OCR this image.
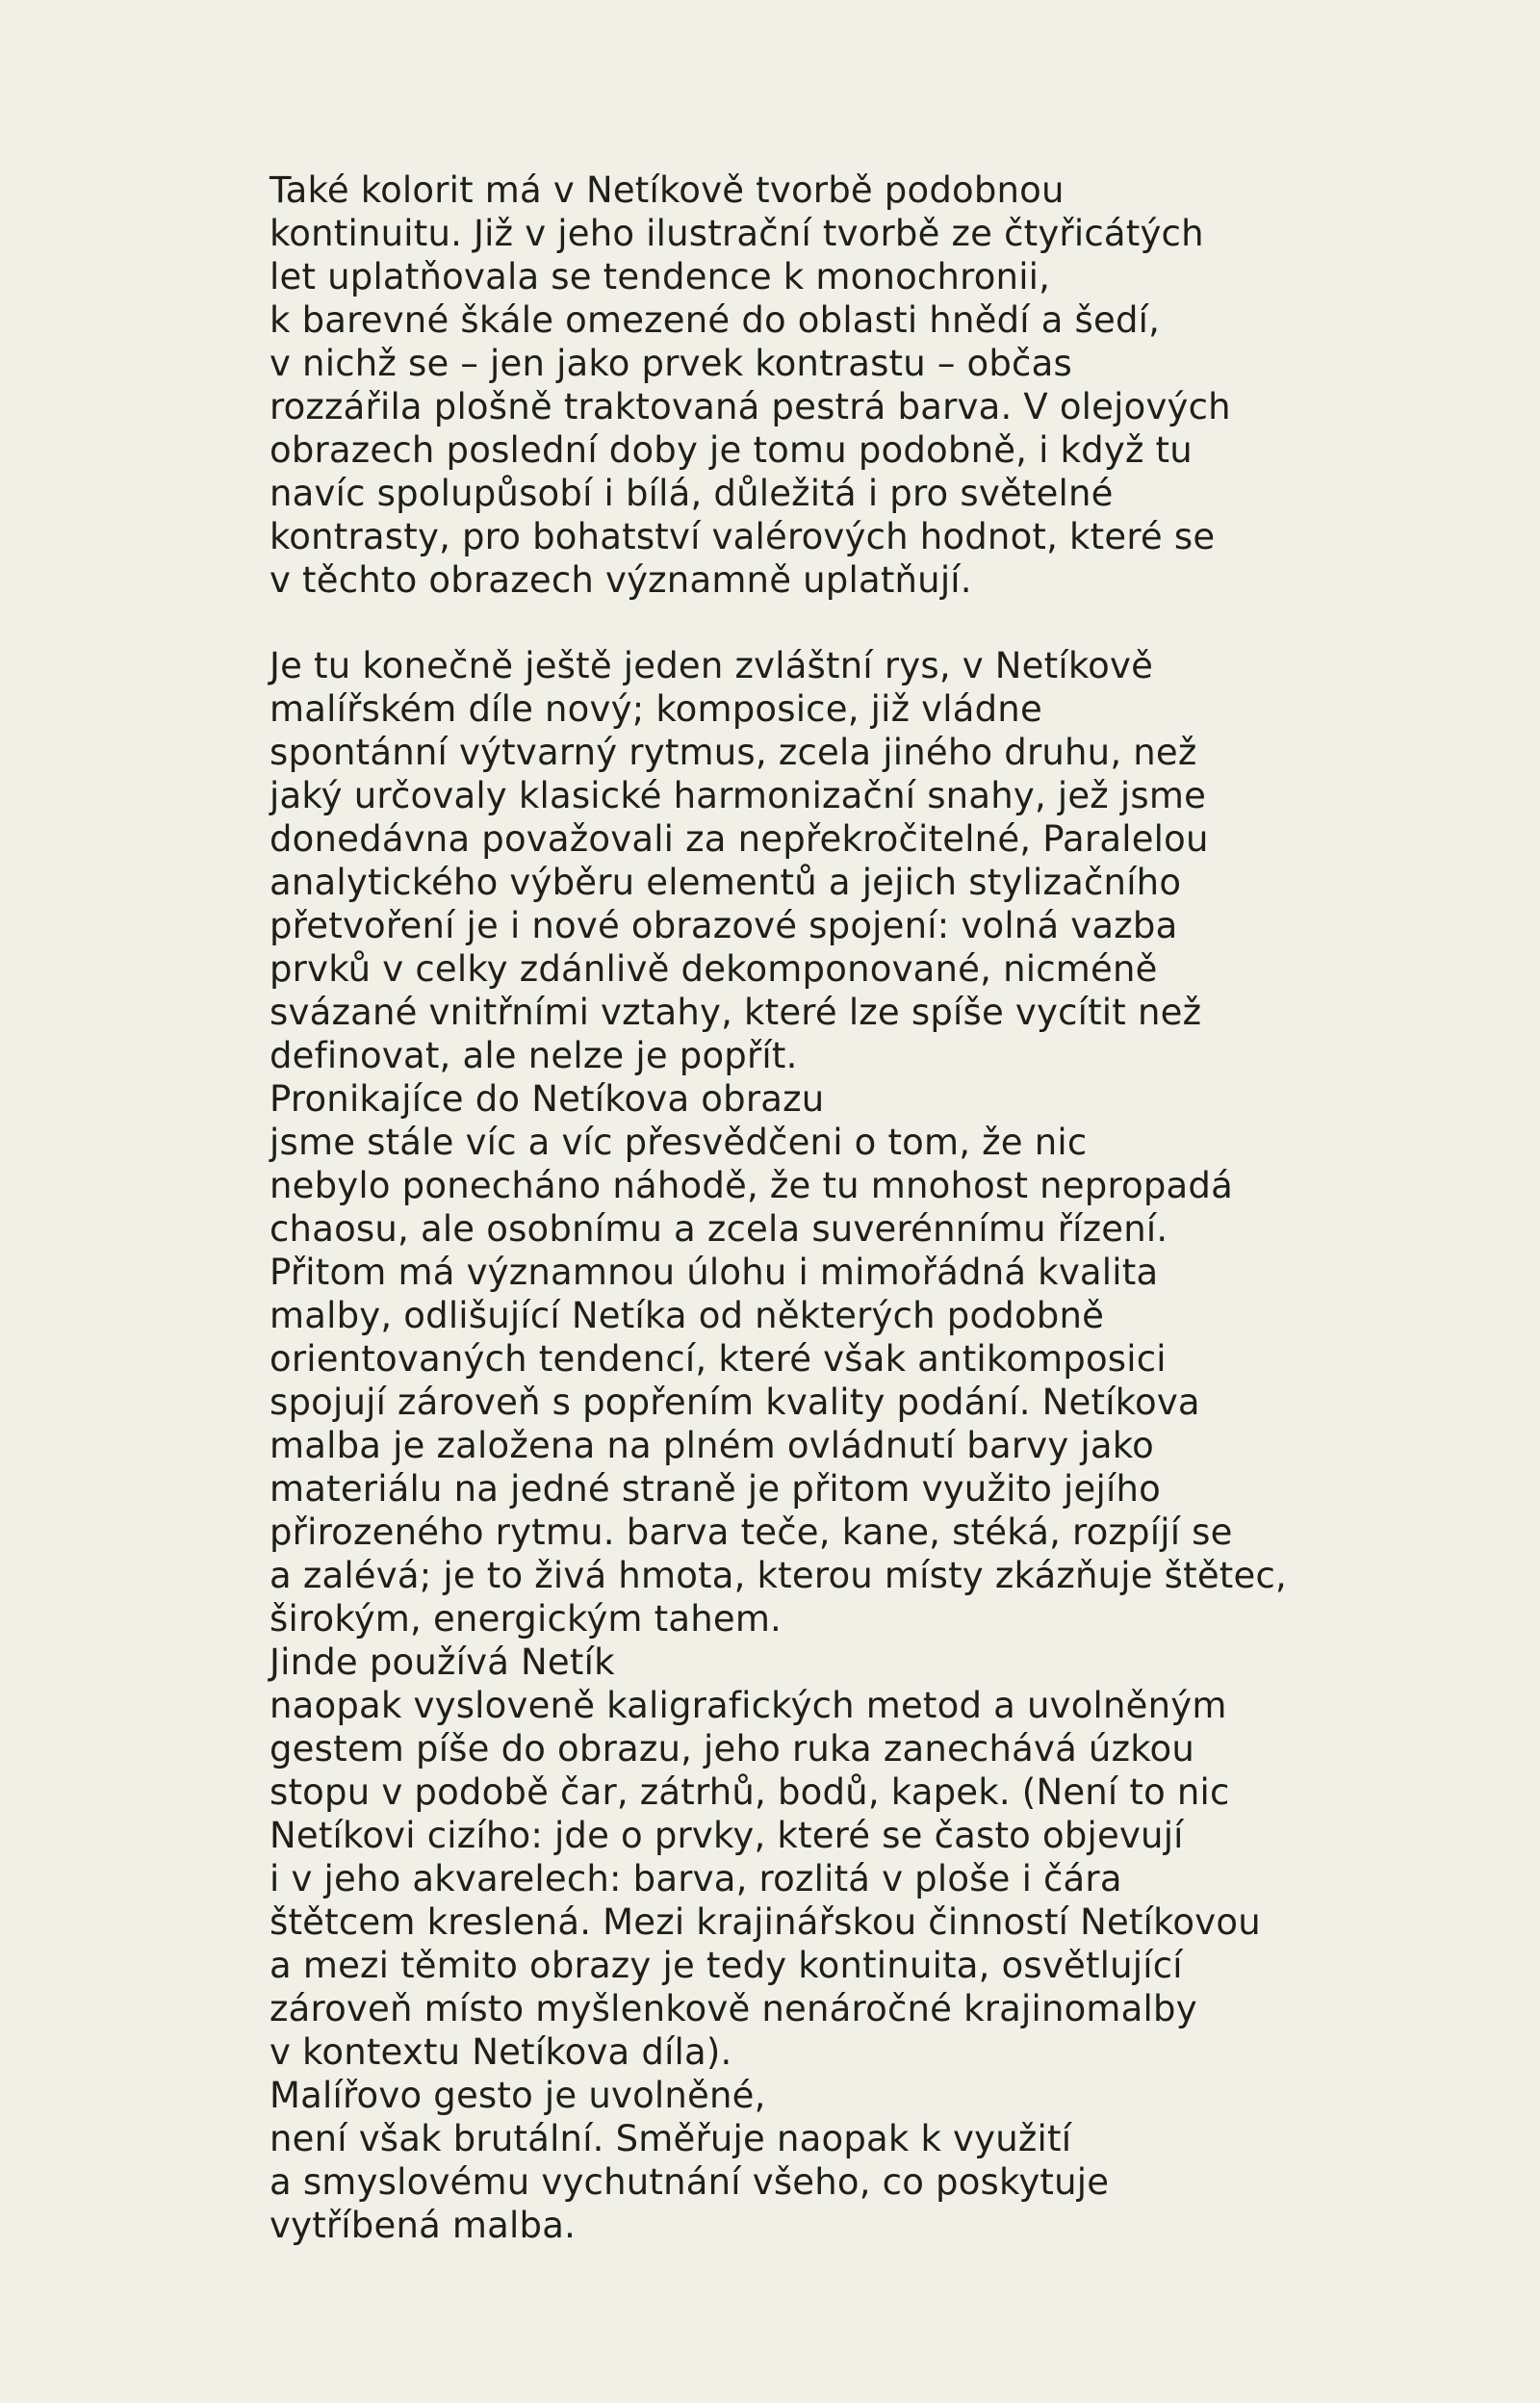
Také kolorit má v Netíkově tvorbě podobnou
kontinuitu. Již v jeho ilustrační tvorbě ze čtyřicátých
let uplatňovala se tendence k monochronii,
k barevné škále omezené do oblasti hnědí a šedí,
v nichž se – jen jako prvek kontrastu – občas
rozzářila plošně traktovaná pestrá barva. V olejových
obrazech poslední doby je tomu podobně, i když tu
navíc spolupůsobí i bílá, důležitá i pro světelné
kontrasty, pro bohatství valérových hodnot, které se
v těchto obrazech významně uplatňují.
Je tu konečně ještě jeden zvláštní rys, v Netíkově
malířském díle nový; komposice, již vládne
spontánní výtvarný rytmus, zcela jiného druhu, než
jaký určovaly klasické harmonizační snahy, jež jsme
donedávna považovali za nepřekročitelné, Paralelou
analytického výběru elementů a jejich stylizačního
přetvoření je i nové obrazové spojení: volná vazba
prvků v celky zdánlivě dekomponované, nicméně
svázané vnitřními vztahy, které lze spíše vycítit než
definovat, ale nelze je popřít.
Pronikajíce do Netíkova obrazu
jsme stále víc a víc přesvědčeni o tom, že nic
nebylo ponecháno náhodě, že tu mnohost nepropadá
chaosu, ale osobnímu a zcela suverénnímu řízení.
Přitom má významnou úlohu i mimořádná kvalita
malby, odlišující Netíka od některých podobně
orientovaných tendencí, které však antikomposici
spojují zároveň s popřením kvality podání. Netíkova
malba je založena na plném ovládnutí barvy jako
materiálu na jedné straně je přitom využito jejího
přirozeného rytmu. barva teče, kane, stéká, rozpíjí se
a zalévá; je to živá hmota, kterou místy zkázňuje štětec,
širokým, energickým tahem.
Jinde používá Netík
naopak vysloveně kaligrafických metod a uvolněným
gestem píše do obrazu, jeho ruka zanechává úzkou
stopu v podobě čar, zátrhů, bodů, kapek. (Není to nic
Netíkovi cizího: jde o prvky, které se často objevují
i v jeho akvarelech: barva, rozlitá v ploše i čára
štětcem kreslená. Mezi krajinářskou činností Netíkovou
a mezi těmito obrazy je tedy kontinuita, osvětlující
zároveň místo myšlenkově nenáročné krajinomalby
v kontextu Netíkova díla).
Malířovo gesto je uvolněné,
není však brutální. Směřuje naopak k využití
a smyslovému vychutnání všeho, co poskytuje
vytříbená malba.
